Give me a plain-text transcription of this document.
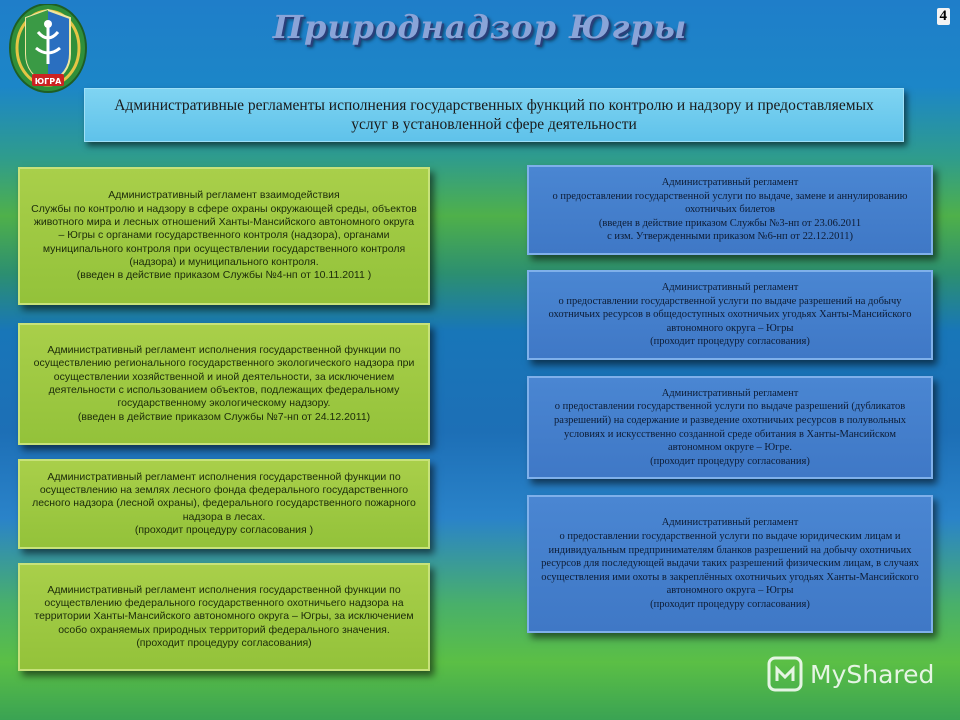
ЮГРА
Природнадзор Югры	4
Административные регламенты исполнения государственных функций по контролю и надзору и предоставляемых услуг в установленной сфере деятельности
Административный регламент взаимодействия
Службы по контролю и надзору в сфере охраны окружающей среды, объектов животного мира и лесных отношений Ханты-Мансийского автономного округа – Югры с органами государственного контроля (надзора), органами муниципального контроля при осуществлении государственного контроля (надзора) и муниципального контроля.
(введен в действие приказом Службы №4-нп от 10.11.2011 )
Административный регламент исполнения государственной функции по осуществлению регионального государственного экологического надзора при осуществлении хозяйственной и иной деятельности, за исключением деятельности с использованием объектов, подлежащих федеральному государственному экологическому надзору.
(введен в действие приказом Службы №7-нп от 24.12.2011)
Административный регламент исполнения государственной функции по осуществлению на землях лесного фонда федерального государственного лесного надзора (лесной охраны), федерального государственного пожарного надзора в лесах.
(проходит процедуру согласования )
Административный регламент исполнения государственной функции по осуществлению федерального государственного охотничьего надзора на территории Ханты-Мансийского автономного округа – Югры, за исключением особо охраняемых природных территорий федерального значения.
(проходит процедуру согласования)
Административный регламент
о предоставлении государственной услуги по выдаче, замене и аннулированию охотничьих билетов
(введен в действие приказом Службы №3-нп от 23.06.2011
с изм. Утвержденными приказом №6-нп от 22.12.2011)
Административный регламент
о предоставлении государственной услуги по выдаче разрешений на добычу охотничьих ресурсов в общедоступных охотничьих угодьях Ханты-Мансийского автономного округа – Югры
(проходит процедуру согласования)
Административный регламент
о предоставлении государственной услуги по выдаче разрешений (дубликатов разрешений) на содержание и разведение охотничьих ресурсов в полувольных условиях и искусственно созданной среде обитания в Ханты-Мансийском автономном округе – Югре.
(проходит процедуру согласования)
Административный регламент
о предоставлении государственной услуги по выдаче юридическим лицам и индивидуальным предпринимателям бланков разрешений на добычу охотничьих ресурсов для последующей выдачи таких разрешений физическим лицам, в случаях осуществления ими охоты в закреплённых охотничьих угодьях Ханты-Мансийского автономного округа – Югры
(проходит процедуру согласования)
MyShared
